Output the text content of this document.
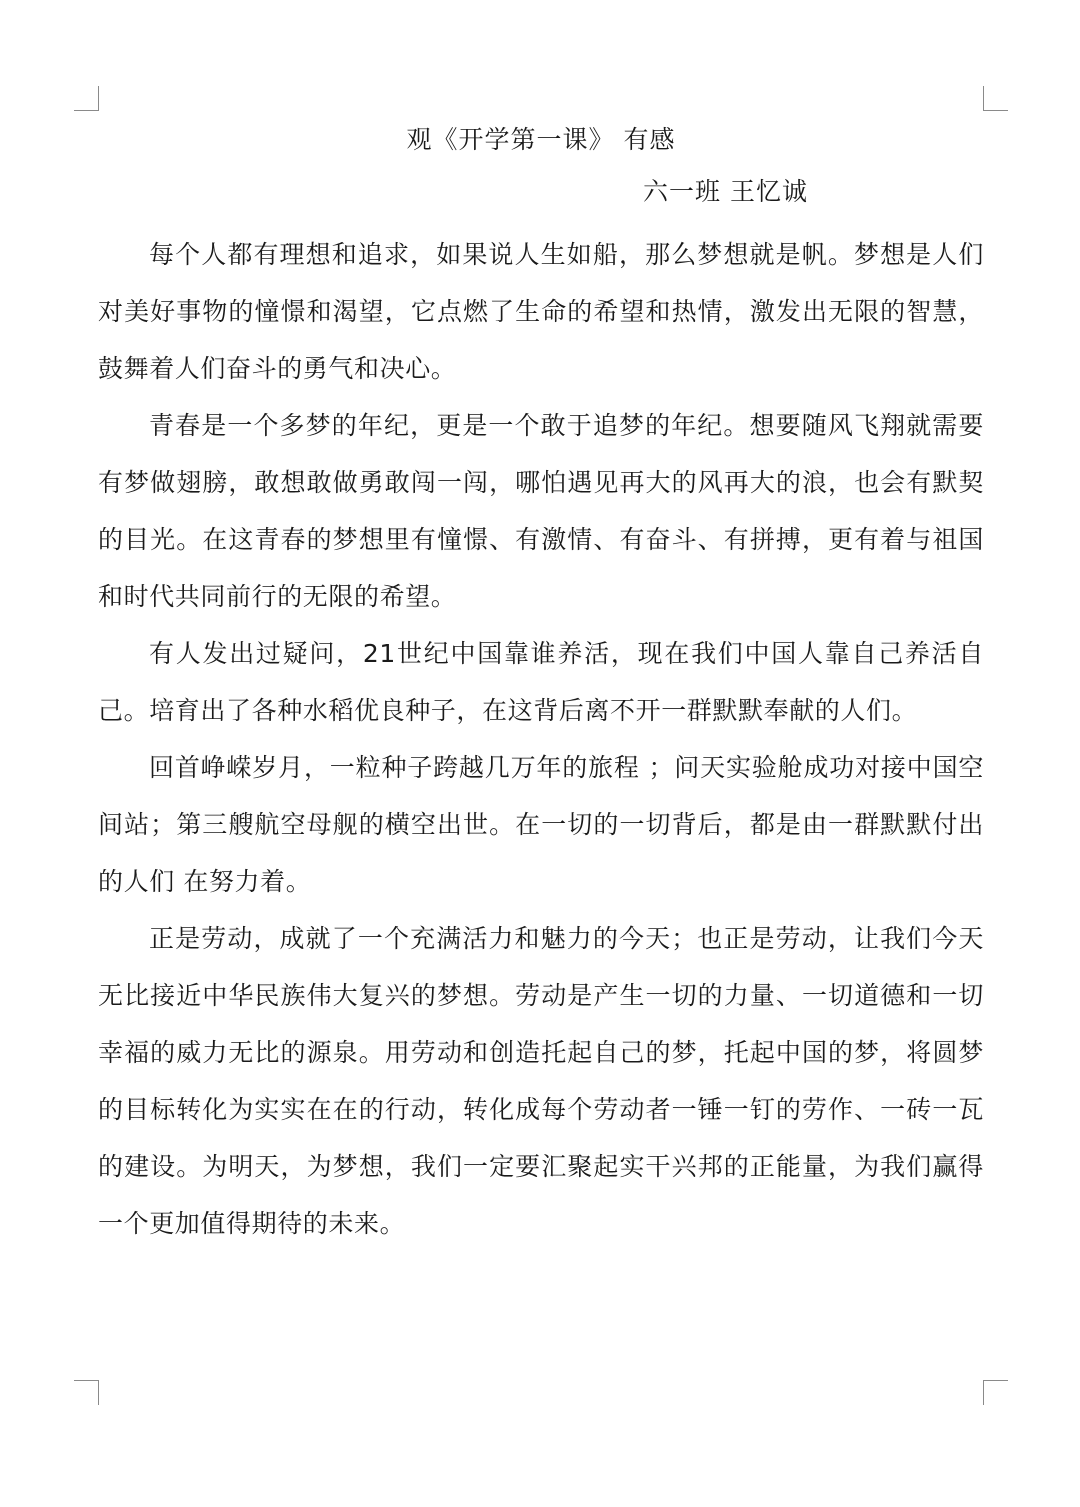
观《开学第一课》 有感
六一班 王忆诚

每个人都有理想和追求，如果说人生如船，那么梦想就是帆。梦想是人们对美好事物的憧憬和渴望，它点燃了生命的希望和热情，激发出无限的智慧，鼓舞着人们奋斗的勇气和决心。

青春是一个多梦的年纪，更是一个敢于追梦的年纪。想要随风飞翔就需要有梦做翅膀，敢想敢做勇敢闯一闯，哪怕遇见再大的风再大的浪，也会有默契的目光。在这青春的梦想里有憧憬、有激情、有奋斗、有拼搏，更有着与祖国和时代共同前行的无限的希望。

有人发出过疑问，21世纪中国靠谁养活，现在我们中国人靠自己养活自己。培育出了各种水稻优良种子，在这背后离不开一群默默奉献的人们。

回首峥嵘岁月，一粒种子跨越几万年的旅程 ；问天实验舱成功对接中国空间站；第三艘航空母舰的横空出世。在一切的一切背后，都是由一群默默付出的人们 在努力着。

正是劳动，成就了一个充满活力和魅力的今天；也正是劳动，让我们今天无比接近中华民族伟大复兴的梦想。劳动是产生一切的力量、一切道德和一切幸福的威力无比的源泉。用劳动和创造托起自己的梦，托起中国的梦，将圆梦的目标转化为实实在在的行动，转化成每个劳动者一锤一钉的劳作、一砖一瓦的建设。为明天，为梦想，我们一定要汇聚起实干兴邦的正能量，为我们赢得一个更加值得期待的未来。
